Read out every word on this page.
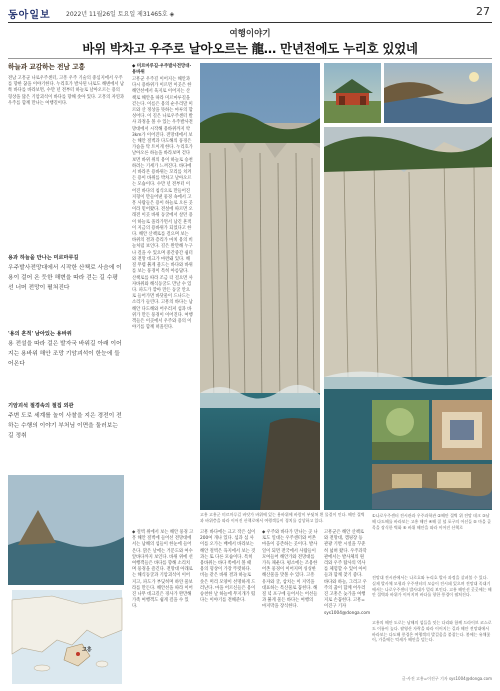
동아일보	2022년 11월26일 토요일 제31465호 ◈	27
여행이야기
바위 박차고 우주로 날아오르는 龍… 만년전에도 누리호 있었네
하늘과 교감하는 전남 고흥
전남 고흥군 나로우주센터, 고흥 우주 기술의 중심지에서 우주를 향한 꿈을 이야기한다. 누리호가 발사된 나로도 해변에서 남쪽 바다를 바라보면, 수만 년 전부터 하늘로 날아오르는 용의 형상을 닮은 기암괴석이 바다를 향해 솟아 있다. 고흥의 자연과 우주를 함께 만나는 여행길이다.
용과 하늘을 만나는 미르마루길
우주발사전망대에서 시작한 산책로 사슴에 이 용이 걸어 온 듯한 해변을 따라 걷는 길 수평선 너머 전망이 펼쳐진다
'용의 흔적' 남아있는 용바위
용 전설을 따라 걸은 발자국 바위길 아래 이어지는 용바위 해안 조망 기암괴석이 한눈에 들어온다
기암괴석 절경속의 절집 외관
주변 도로 세계를 놀이 사찰을 지은 경전이 전하는 수행의 이야기 부처님 이면을 둘러보는 길 정취
고흥
◆ 미르마루길·우주발사전망대·용바위
고흥군 우주길 이어지는 해안과 다시 용바위가 이르면 이곳은 한 해안선에서 육지로 이어지는 산책로 해안을 따라 미르마루길을 걷는다. 이름은 용의 순우리말 미르와 산 정상을 뜻하는 마루의 합성어다. 이 길은 나로우주센터 발사 과정을 볼 수 있는 우주발사전망대에서 시작해 용바위까지 약 3km가 이어진다. 전망대에서 보는 해안 절벽과 다도해의 풍경은 가슴을 탁 트이게 한다. 누리호가 날아오른 하늘을 바라보며 걷다 보면 바위 위의 용이 하늘로 승천하려는 기세가 느껴진다. 바다에서 바라본 용바위는 꼬리를 치켜든 용이 바위를 박차고 날아오르는 모습이다. 수만 년 전부터 이어진 바다의 침식으로 만들어진 지형이 만들어낸 풍경 속에서 고흥 사람들은 용이 하늘로 오른 곳이라 믿어왔다. 전설에 따르면 오래전 이곳 바위 동굴에서 살던 용이 하늘로 올라가면서 남긴 흔적이 지금의 용바위가 되었다고 한다. 해안 산책로를 걸으며 보는 바위의 결과 층리가 마치 용의 비늘처럼 보인다. 길은 완만해 누구나 걸을 수 있으며 중간중간 쉼터와 전망 데크가 마련돼 있다. 해 질 무렵 붉게 물드는 바다와 바위를 보는 풍경이 특히 아름답다. 산책로를 따라 조금 더 걸으면 사자바위와 해식동굴도 만날 수 있다. 파도가 깎아 만든 동굴 안으로 들어가면 바닷물이 드나드는 소리가 들린다. 고흥의 바다는 남해안 다도해와 어우러져 섬과 바위가 만든 풍경이 이어진다. 여행객들은 이곳에서 우주와 용의 이야기를 함께 떠올린다.
고흥 고흥군 미르마루길 바닷가 바위에 있는 용바위에 바람이 부딪쳐 흰 물결이 인다. 해안 절벽과 바위층을 따라 이어진 산책로에서 여행객들이 경치를 감상하고 있다.
①나로우주센터 전시관과 우주과학관 ②해안 절벽 위 전망 데크 ③남해 다도해를 바라보는 고흥 해안 ④해 질 녘 포구의 어선들 ⑤ 마을 골목을 장식한 벽화 ⑥ 바위 해안을 따라 이어진 산책로
◆ 절벽 위에서 보는 해안 풍경 고흥 해안 절벽에 들어선 전망대에서는 남해의 섬들이 한눈에 들어온다. 맑은 날에는 거문도와 여수 앞바다까지 보인다. 바위 위에 선 여행객들은 바다를 향해 소리치며 풍경을 즐긴다. 전망대 아래로는 해식동굴과 기암괴석이 이어지고, 파도가 부딪히며 하얀 물보라를 만든다. 해안선을 따라 이어진 나무 데크길은 경사가 완만해 가족 여행객도 쉽게 걸을 수 있다.
고흥 바다에는 크고 작은 섬이 200여 개나 있다. 섬과 섬 사이를 오가는 배에서 바라보는 해안 절벽은 육지에서 보는 것과는 또 다른 모습이다. 특히 용바위는 바다 쪽에서 볼 때 용의 형상이 가장 뚜렷하다. 비늘 같은 바위 결과 하늘로 솟은 머리 모양이 선명하게 드러난다. 마을 어르신들은 용이 승천한 날 하늘에 무지개가 떴다는 이야기를 전해준다.
◆ 우주와 바다가 만나는 곳 나로도 일대는 우주센터와 어촌 마을이 공존하는 곳이다. 발사일이 되면 전국에서 사람들이 모여들어 해안가와 전망대를 가득 채운다. 평소에는 조용한 어촌 풍경이 이어지며 싱싱한 해산물을 맛볼 수 있다. 고흥 유자와 굴, 삼치는 이 지역을 대표하는 특산물로 꼽힌다. 해 질 녘 포구에 들어서는 어선들과 붉게 물든 바다는 여행의 마지막을 장식한다.
고흥군은 해안 산책로와 전망대, 캠핑장 등 관광 기반 시설을 꾸준히 넓혀 왔다. 우주과학관에서는 발사체의 원리와 우주 탐사의 역사를 체험할 수 있어 아이들과 함께 찾기 좋다. 바다와 하늘, 그리고 우주의 꿈이 함께 어우러진 고흥은 늦가을 여행지로 손꼽힌다. 고흥=이진구 기자 sys1004@donga.com
전망대 전시관에서는 나로호와 누리호 발사 과정을 살펴볼 수 있다. 실제 발사체 모형과 우주센터의 모습이 전시돼 있으며 전망대 꼭대기에서는 나로우주센터 발사대가 멀리 보인다. 고흥 해안선 곳곳에는 해안 절벽과 바위가 이어지며 바다를 향한 풍경이 펼쳐진다.
고흥의 해안 도로는 남해의 섬들을 잇는 다리와 함께 드라이브 코스로도 이름이 높다. 팔영산 자락을 따라 이어지는 길과 해안 전망대에서 바라보는 다도해 풍경은 여행객의 발걸음을 붙잡는다. 봄에는 유채꽃이, 가을에는 억새가 해안을 덮는다.
글·사진 고흥=이진구 기자 sys1004@donga.com
